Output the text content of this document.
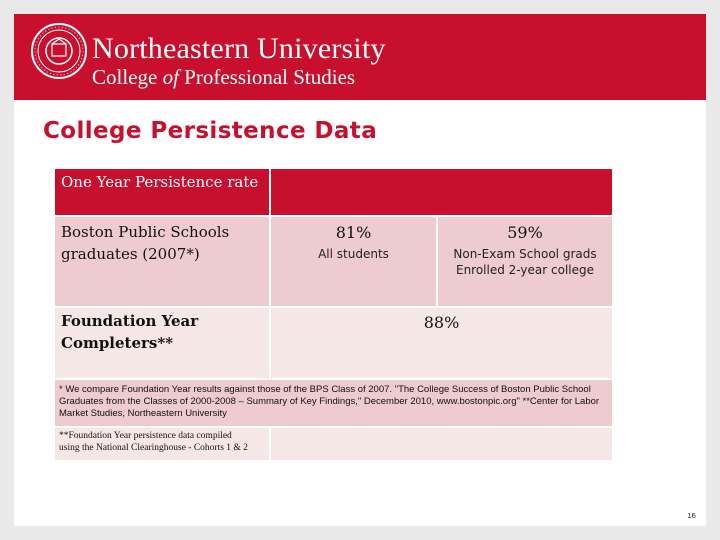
Northeastern University
College of Professional Studies
College Persistence Data
One Year Persistence rate
Boston Public Schools graduates (2007*)
81%
All students
59%
Non-Exam School grads
Enrolled 2-year college
Foundation Year Completers**
88%
* We compare Foundation Year results against those of the BPS Class of 2007. "The College Success of Boston Public School Graduates from the Classes of 2000-2008 – Summary of Key Findings," December 2010, www.bostonpic.org" **Center for Labor Market Studies, Northeastern University
**Foundation Year persistence data compiled
using the National Clearinghouse - Cohorts 1 & 2
16
